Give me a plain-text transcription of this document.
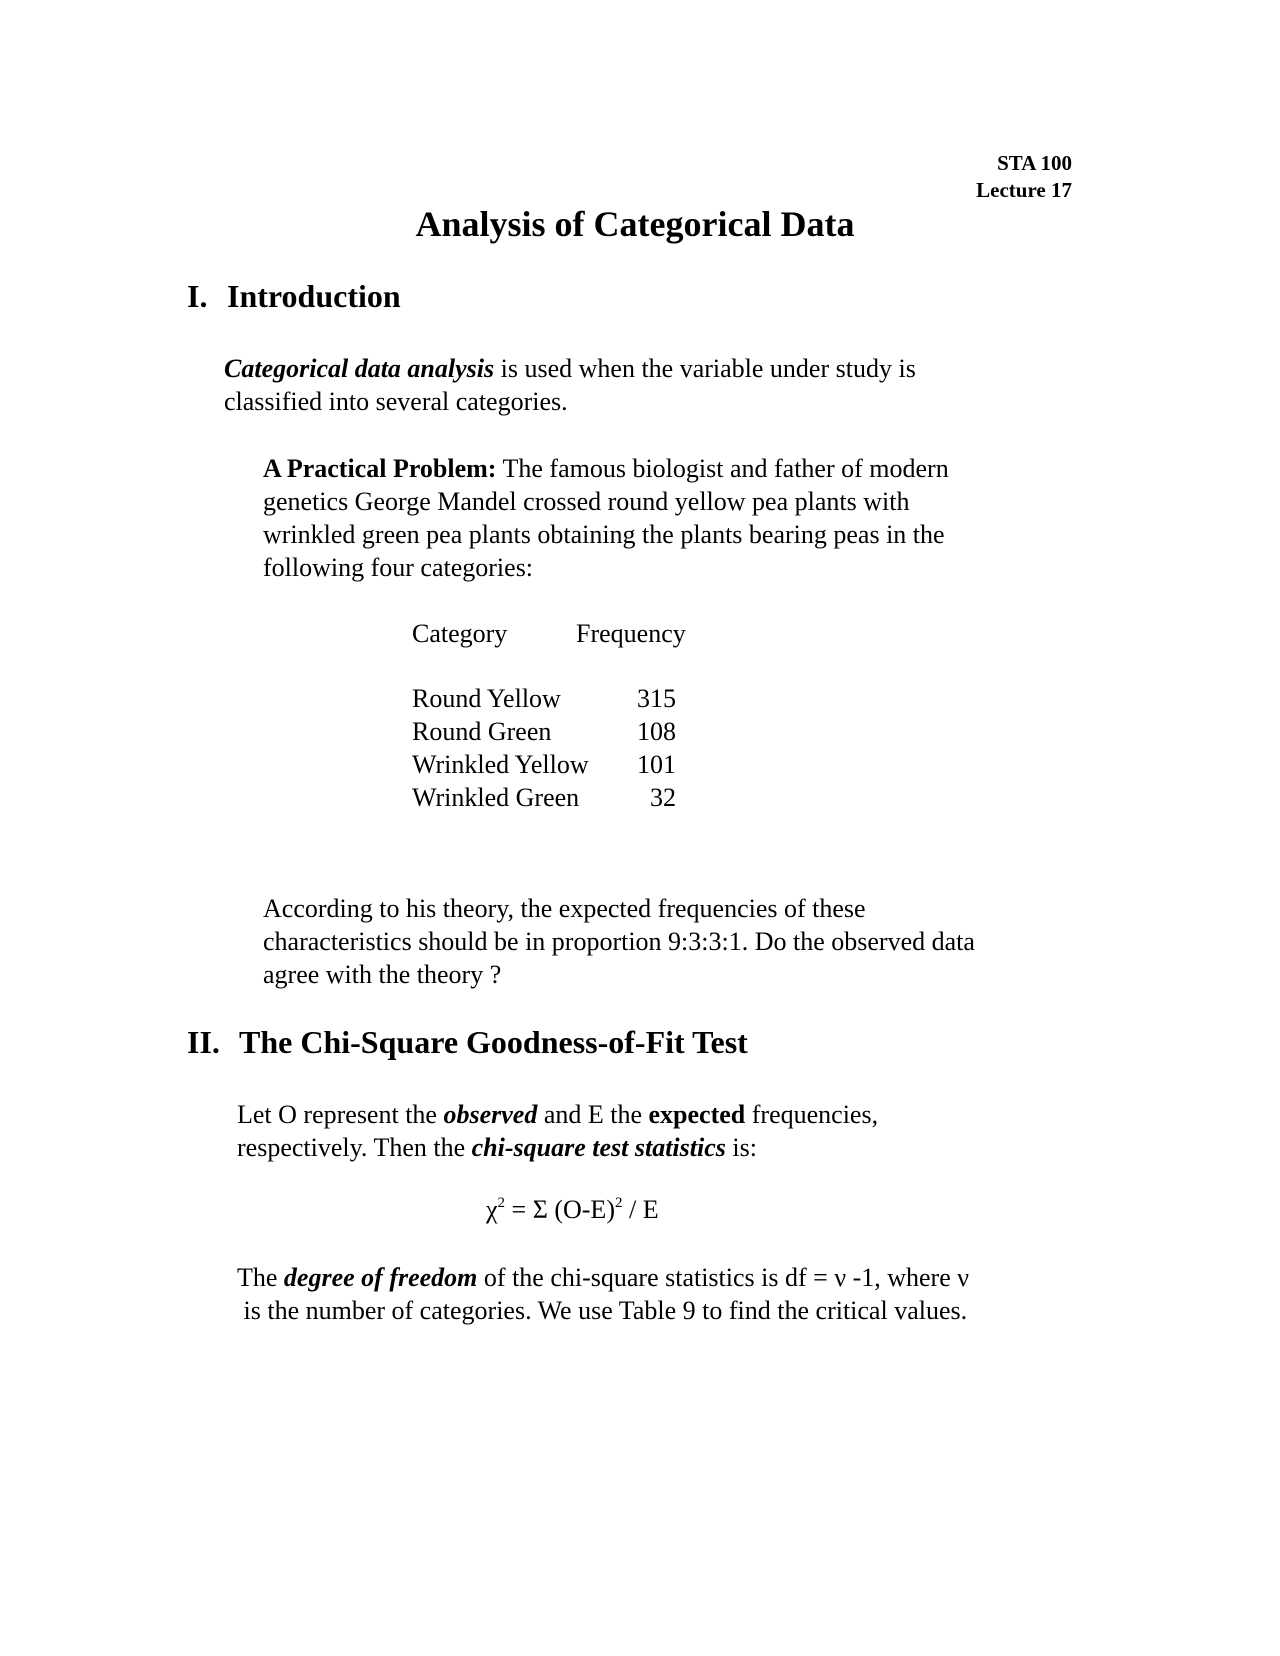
STA 100
Lecture 17
Analysis of Categorical Data
I. Introduction
Categorical data analysis is used when the variable under study is
classified into several categories.
A Practical Problem: The famous biologist and father of modern
genetics George Mandel crossed round yellow pea plants with
wrinkled green pea plants obtaining the plants bearing peas in the
following four categories:
Category	Frequency
Round Yellow	315
Round Green	108
Wrinkled Yellow	101
Wrinkled Green	32
According to his theory, the expected frequencies of these
characteristics should be in proportion 9:3:3:1. Do the observed data
agree with the theory ?
II. The Chi-Square Goodness-of-Fit Test
Let O represent the observed and E the expected frequencies,
respectively. Then the chi-square test statistics is:
$\chi^2 = \Sigma$ $(O-E)^2$ / E
The degree of freedom of the chi-square statistics is df = ν -1, where ν
is the number of categories. We use Table 9 to find the critical values.
